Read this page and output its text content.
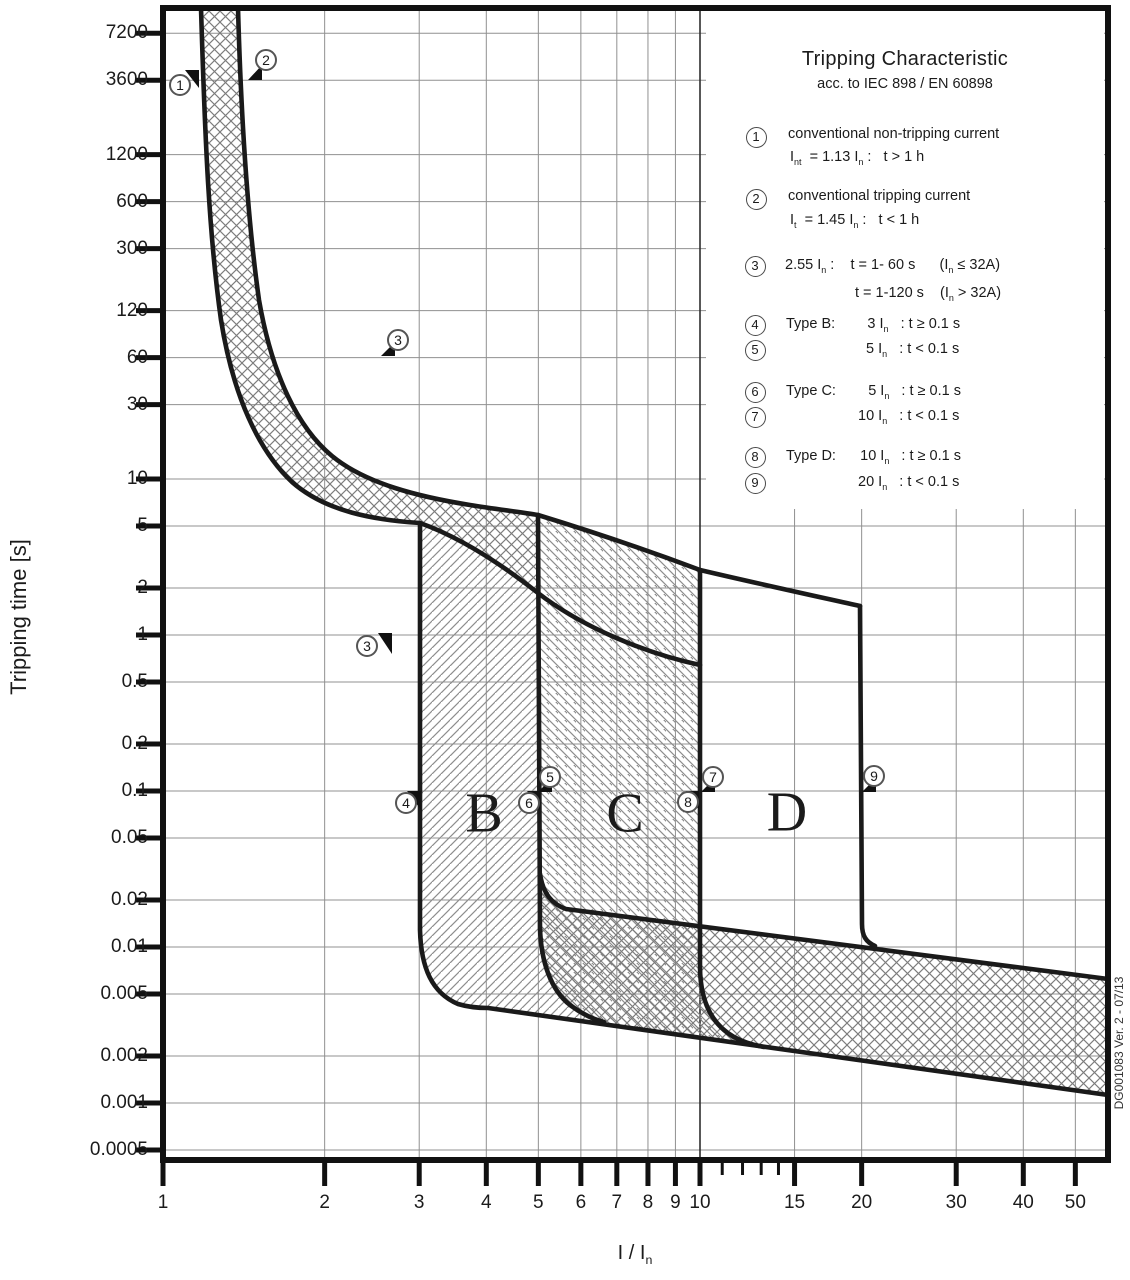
Tripping Characteristic
acc. to IEC 898 / EN 60898
Tripping time [s]
I / $I_n$
DG001083 Ver. 2 - 07/13
B C D
7200
3600
1200
600
300
120
60
30
10
5
2
1
0.5
0.2
0.1
0.05
0.02
0.01
0.005
0.002
0.001
0.0005
1	2	3	4	5	6	7	8 9 10	15	20	30	40	50
1	conventional non-tripping current
$I_{nt} = 1.13$ $I_n$ :   t > 1 h
2	conventional tripping current
$I_t = 1.45$ $I_n$ :   t < 1 h
3	2.55 $I_n$ :    t = 1- 60 s      $(I_n \le 32A)$
t = 1-120 s    $(I_n > 32A)$
4	Type B:        3 $I_n$   : t ≥ 0.1 s
5	5 $I_n$   : t < 0.1 s
6	Type C:        5 $I_n$   : t ≥ 0.1 s
7	10 $I_n$   : t < 0.1 s
8	Type D:      10 $I_n$   : t ≥ 0.1 s
9	20 $I_n$   : t < 0.1 s
1
2
3
3
4
5
6
7
8
9
